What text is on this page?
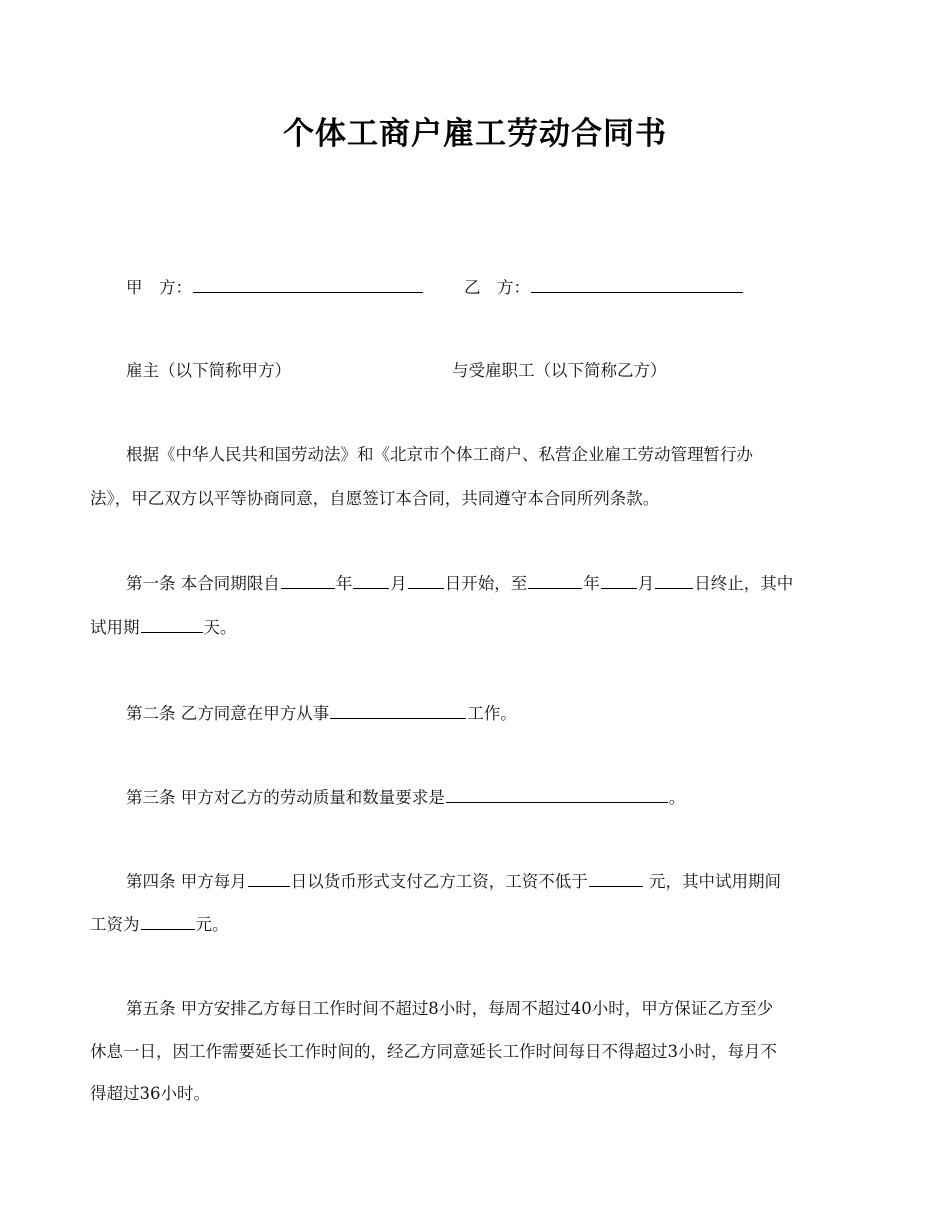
个体工商户雇工劳动合同书
甲　方：	乙　方：
雇主（以下简称甲方）	与受雇职工（以下简称乙方）
根据《中华人民共和国劳动法》和《北京市个体工商户、私营企业雇工劳动管理暂行办
法》，甲乙双方以平等协商同意，自愿签订本合同，共同遵守本合同所列条款。
第一条 本合同期限自	年 月 日开始，至	年 月 日终止，其中
试用期	天。
第二条 乙方同意在甲方从事	工作。
第三条 甲方对乙方的劳动质量和数量要求是	。
第四条 甲方每月	日以货币形式支付乙方工资，工资不低于	元，其中试用期间
工资为	元。
第五条 甲方安排乙方每日工作时间不超过8小时，每周不超过40小时，甲方保证乙方至少
休息一日，因工作需要延长工作时间的，经乙方同意延长工作时间每日不得超过3小时，每月不
得超过36小时。
